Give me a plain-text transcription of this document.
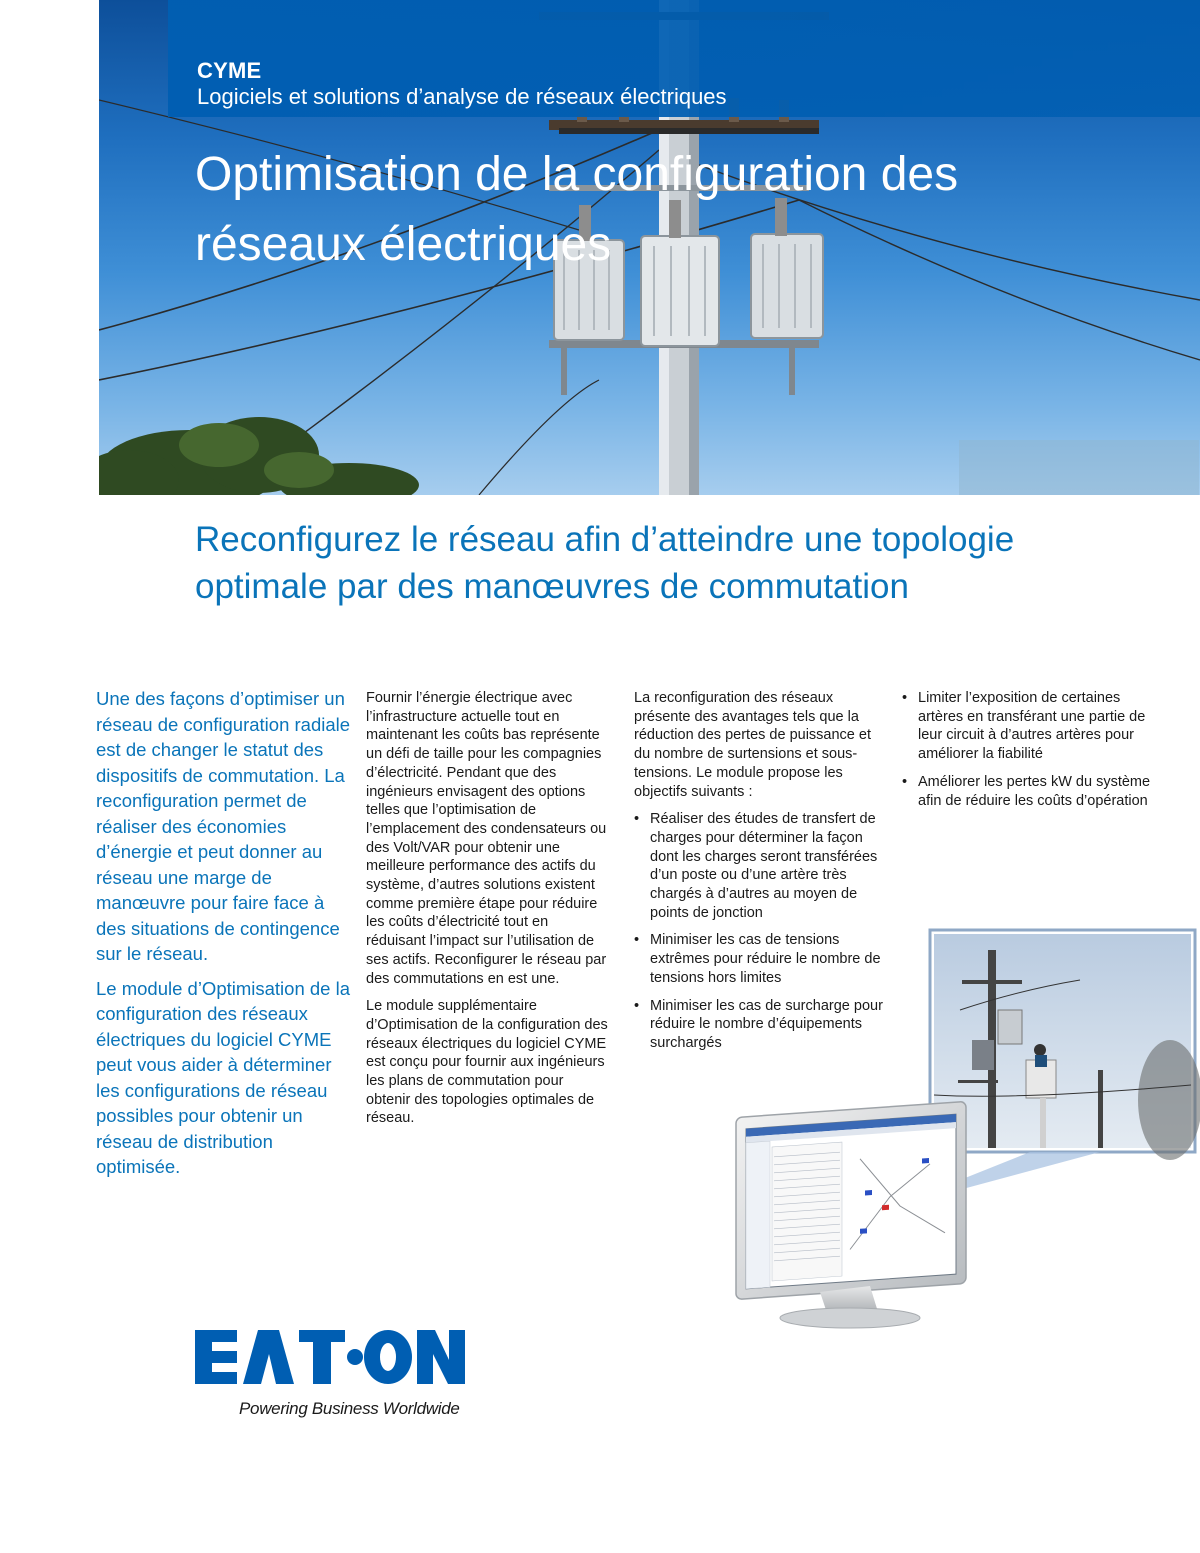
CYME
Logiciels et solutions d’analyse de réseaux électriques
Optimisation de la configuration des
réseaux électriques
Reconfigurez le réseau afin d’atteindre une topologie
optimale par des manœuvres de commutation

Une des façons d’optimiser un réseau de configuration radiale est de changer le statut des dispositifs de commutation. La reconfiguration permet de réaliser des économies d’énergie et peut donner au réseau une marge de manœuvre pour faire face à des situations de contingence sur le réseau.

Le module d’Optimisation de la configuration des réseaux électriques du logiciel CYME peut vous aider à déterminer les configurations de réseau possibles pour obtenir un réseau de distribution optimisée.

Fournir l’énergie électrique avec l’infrastructure actuelle tout en maintenant les coûts bas représente un défi de taille pour les compagnies d’électricité. Pendant que des ingénieurs envisagent des options telles que l’optimisation de l’emplacement des condensateurs ou des Volt/VAR pour obtenir une meilleure performance des actifs du système, d’autres solutions existent comme première étape pour réduire les coûts d’électricité tout en réduisant l’impact sur l’utilisation de ses actifs. Reconfigurer le réseau par des commutations en est une.

Le module supplémentaire d’Optimisation de la configuration des réseaux électriques du logiciel CYME est conçu pour fournir aux ingénieurs les plans de commutation pour obtenir des topologies optimales de réseau.

La reconfiguration des réseaux présente des avantages tels que la réduction des pertes de puissance et du nombre de surtensions et sous-tensions. Le module propose les objectifs suivants :

• Réaliser des études de transfert de charges pour déterminer la façon dont les charges seront transférées d’un poste ou d’une artère très chargés à d’autres au moyen de points de jonction
• Minimiser les cas de tensions extrêmes pour réduire le nombre de tensions hors limites
• Minimiser les cas de surcharge pour réduire le nombre d’équipements surchargés
• Limiter l’exposition de certaines artères en transférant une partie de leur circuit à d’autres artères pour améliorer la fiabilité
• Améliorer les pertes kW du système afin de réduire les coûts d’opération
Powering Business Worldwide
